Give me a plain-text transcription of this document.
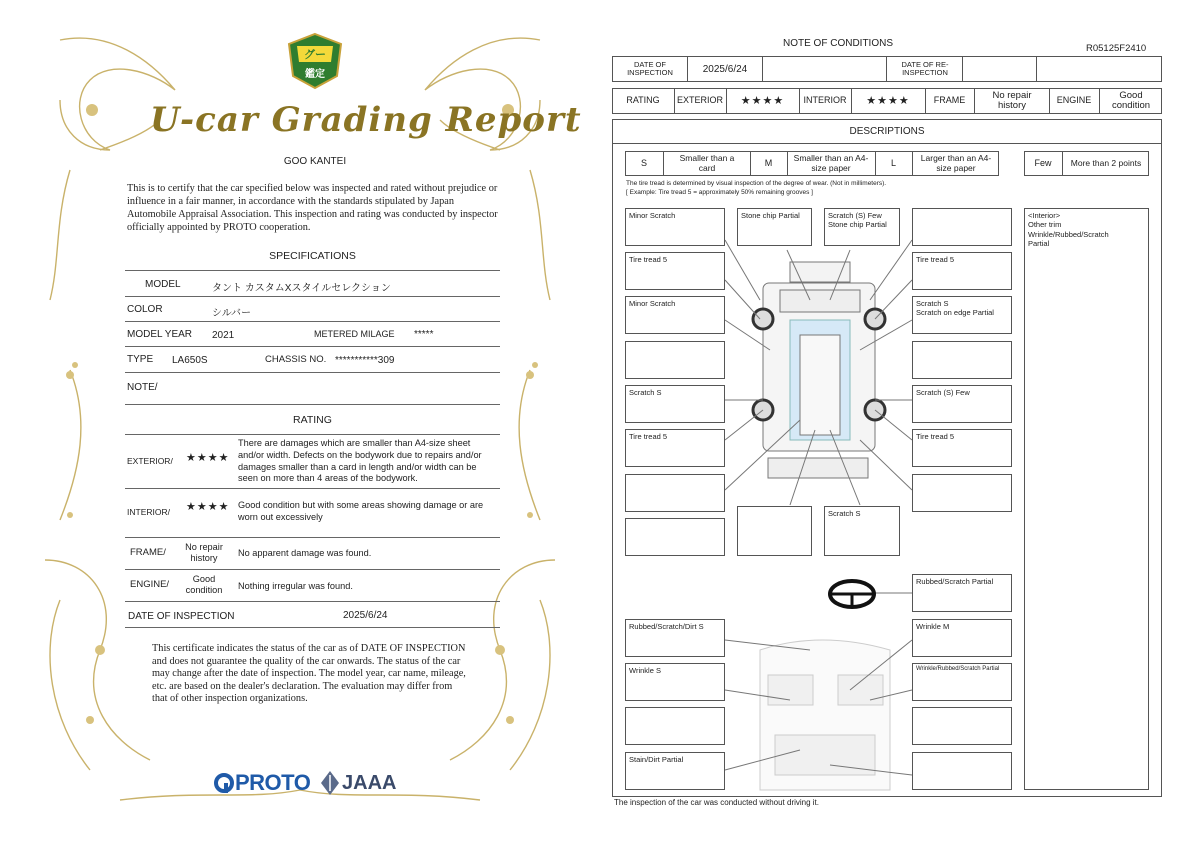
グー
鑑定
U-car Grading Report
GOO KANTEI
This is to certify that the car specified below was inspected and rated without prejudice or influence in a fair manner, in accordance with the standards stipulated by Japan Automobile Appraisal Association. This inspection and rating was conducted by inspector officially appointed by PROTO cooperation.
SPECIFICATIONS
MODEL	タント カスタムXスタイルセレクション
COLOR	シルバー
MODEL YEAR 2021	METERED MILAGE *****
TYPE LA650S	CHASSIS NO. ***********309
NOTE/
RATING
EXTERIOR/ ★★★★
There are damages which are smaller than A4-size sheet and/or width. Defects on the bodywork due to repairs and/or damages smaller than a card in length and/or width can be seen on more than 4 areas of the bodywork.
INTERIOR/ ★★★★ Good condition but with some areas showing damage or are worn out excessively
FRAME/	No repair history
No apparent damage was found.
ENGINE/	Good condition	Nothing irregular was found.
DATE OF INSPECTION	2025/6/24
This certificate indicates the status of the car as of DATE OF INSPECTION and does not guarantee the quality of the car onwards. The status of the car may change after the date of inspection. The model year, car name, mileage, etc. are based on the dealer's declaration. The evaluation may differ from that of other inspection organizations.
PROTO JAAA
NOTE OF CONDITIONS	R05125F2410
DATE OF INSPECTION	2025/6/24	DATE OF RE-INSPECTION
RATING	EXTERIOR	★★★★	INTERIOR	★★★★	FRAME	No repair history	ENGINE	Good condition
DESCRIPTIONS
S	Smaller than a card	M	Smaller than an A4-size paper	L	Larger than an A4-size paper	Few	More than 2 points
The tire tread is determined by visual inspection of the degree of wear. (Not in millimeters).
[ Example: Tire tread 5 = approximately 50% remaining grooves ]
Minor Scratch
Tire tread 5
Minor Scratch
Scratch S
Tire tread 5
Stone chip Partial	Scratch (S) Few
Stone chip Partial
Scratch S
Tire tread 5
Scratch S
Scratch on edge Partial
Scratch (S) Few
Tire tread 5
Rubbed/Scratch Partial
Rubbed/Scratch/Dirt S	Wrinkle M
Wrinkle S	Wrinkle/Rubbed/Scratch Partial
Stain/Dirt Partial
<Interior>
Other trim
Wrinkle/Rubbed/Scratch
Partial
The inspection of the car was conducted without driving it.
